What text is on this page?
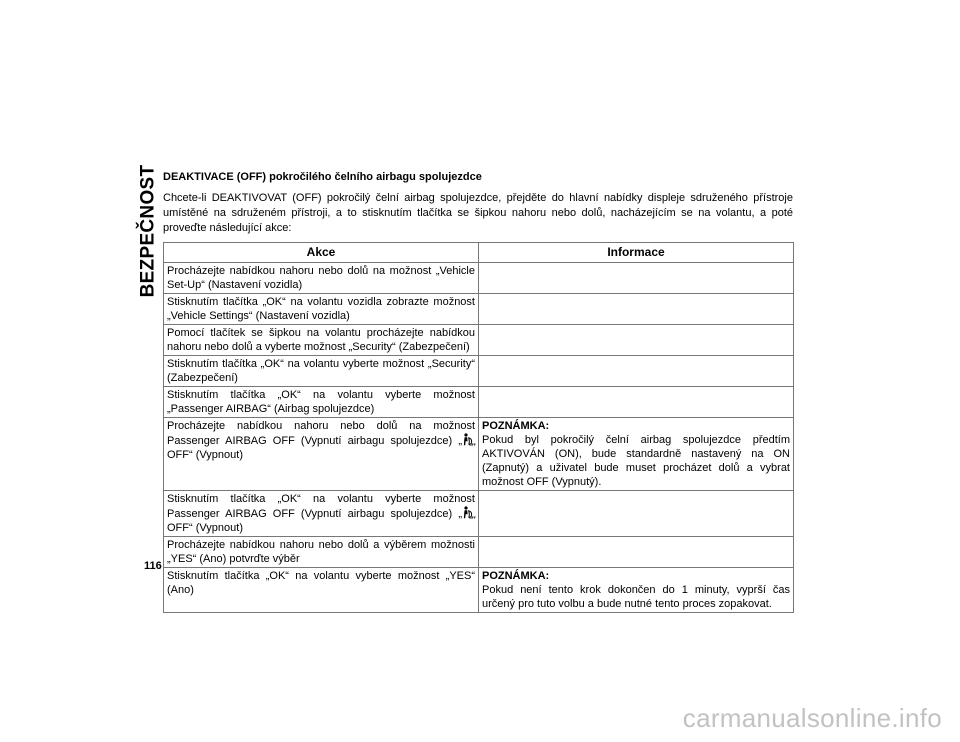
BEZPEČNOST DEAKTIVACE (OFF) pokročilého čelního airbagu spolujezdce
Chcete-li DEAKTIVOVAT (OFF) pokročilý čelní airbag spolujezdce, přejděte do hlavní nabídky displeje sdruženého přístroje umístěné na sdruženém přístroji, a to stisknutím tlačítka se šipkou nahoru nebo dolů, nacházejícím se na volantu, a poté proveďte následující akce:
Akce	Informace
Procházejte nabídkou nahoru nebo dolů na možnost „Vehicle Set-Up“ (Nastavení vozidla)	
Stisknutím tlačítka „OK“ na volantu vozidla zobrazte možnost „Vehicle Settings“ (Nastavení vozidla)	
Pomocí tlačítek se šipkou na volantu procházejte nabídkou nahoru nebo dolů a vyberte možnost „Security“ (Zabezpečení)	
Stisknutím tlačítka „OK“ na volantu vyberte možnost „Security“ (Zabezpečení)	
Stisknutím tlačítka „OK“ na volantu vyberte možnost „Passenger AIRBAG“ (Airbag spolujezdce)	
Procházejte nabídkou nahoru nebo dolů na možnost Passenger AIRBAG OFF (Vypnutí airbagu spolujezdce) „ OFF
OFF“ (Vypnout)	POZNÁMKA:
Pokud byl pokročilý čelní airbag spolujezdce předtím AKTIVOVÁN (ON), bude standardně nastavený na ON (Zapnutý) a uživatel bude muset procházet dolů a vybrat možnost OFF (Vypnutý).
Stisknutím tlačítka „OK“ na volantu vyberte možnost Passenger AIRBAG OFF (Vypnutí airbagu spolujezdce) „ OFF
OFF“ (Vypnout)	
Procházejte nabídkou nahoru nebo dolů a výběrem možnosti „YES“ (Ano) potvrďte výběr	
Stisknutím tlačítka „OK“ na volantu vyberte možnost „YES“ (Ano)	POZNÁMKA:
Pokud není tento krok dokončen do 1 minuty, vyprší čas určený pro tuto volbu a bude nutné tento proces zopakovat.
116
carmanualsonline.info
